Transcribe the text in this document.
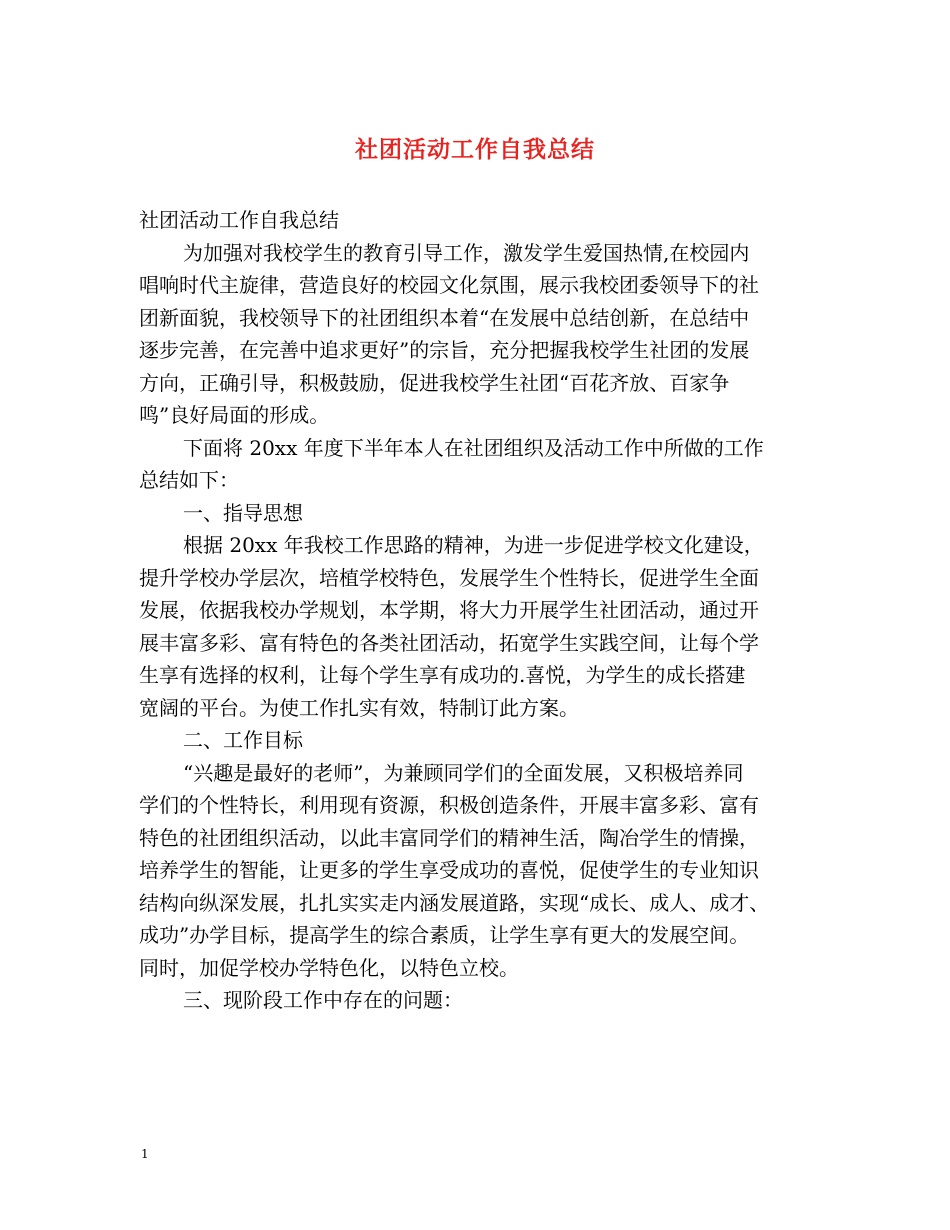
社团活动工作自我总结
社团活动工作自我总结
为加强对我校学生的教育引导工作，激发学生爱国热情,在校园内
唱响时代主旋律，营造良好的校园文化氛围，展示我校团委领导下的社
团新面貌，我校领导下的社团组织本着“在发展中总结创新，在总结中
逐步完善，在完善中追求更好”的宗旨，充分把握我校学生社团的发展
方向，正确引导，积极鼓励，促进我校学生社团“百花齐放、百家争
鸣”良好局面的形成。
下面将 20xx 年度下半年本人在社团组织及活动工作中所做的工作
总结如下：
一、指导思想
根据 20xx 年我校工作思路的精神，为进一步促进学校文化建设，
提升学校办学层次，培植学校特色，发展学生个性特长，促进学生全面
发展，依据我校办学规划，本学期，将大力开展学生社团活动，通过开
展丰富多彩、富有特色的各类社团活动，拓宽学生实践空间，让每个学
生享有选择的权利，让每个学生享有成功的.喜悦，为学生的成长搭建
宽阔的平台。为使工作扎实有效，特制订此方案。
二、工作目标
“兴趣是最好的老师”，为兼顾同学们的全面发展，又积极培养同
学们的个性特长，利用现有资源，积极创造条件，开展丰富多彩、富有
特色的社团组织活动，以此丰富同学们的精神生活，陶冶学生的情操，
培养学生的智能，让更多的学生享受成功的喜悦，促使学生的专业知识
结构向纵深发展，扎扎实实走内涵发展道路，实现“成长、成人、成才、
成功”办学目标，提高学生的综合素质，让学生享有更大的发展空间。
同时，加促学校办学特色化，以特色立校。
三、现阶段工作中存在的问题：
1
